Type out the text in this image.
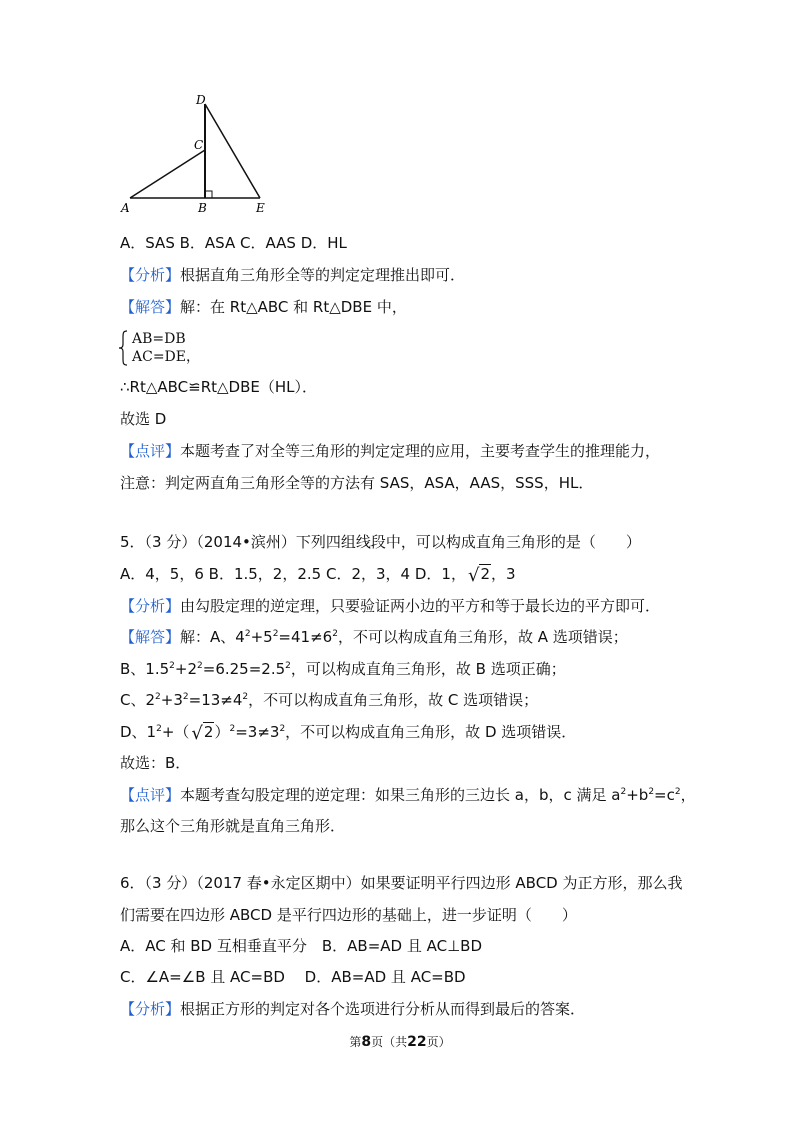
D
C
A	B	E
A．SAS B．ASA C．AAS D．HL
【分析】根据直角三角形全等的判定定理推出即可．
【解答】解：在 Rt△ABC 和 Rt△DBE 中，
AB=DB
AC=DE，
∴Rt△ABC≌Rt△DBE（HL）．
故选 D
【点评】本题考查了对全等三角形的判定定理的应用，主要考查学生的推理能力，
注意：判定两直角三角形全等的方法有 SAS，ASA，AAS，SSS，HL．
5．（3 分）（2014•滨州）下列四组线段中，可以构成直角三角形的是（　　）
A．4，5，6 B．1.5，2，2.5 C．2，3，4 D．1， √2，3
【分析】由勾股定理的逆定理，只要验证两小边的平方和等于最长边的平方即可．
【解答】解：A、$4^2+5^2=41\ne 6^2$，不可以构成直角三角形，故 A 选项错误；
B、$1.5^2+2^2=6.25=2.5^2$，可以构成直角三角形，故 B 选项正确；
C、$2^2+3^2=13\ne 4^2$，不可以构成直角三角形，故 C 选项错误；
D、$1^2+$（ $√2)^2=3\ne 3^2$，不可以构成直角三角形，故 D 选项错误．
故选：B．
【点评】本题考查勾股定理的逆定理：如果三角形的三边长 a，b，c 满足 $a^2+b^2=c^2$，
那么这个三角形就是直角三角形．
6．（3 分）（2017 春•永定区期中）如果要证明平行四边形 ABCD 为正方形，那么我
们需要在四边形 ABCD 是平行四边形的基础上，进一步证明（　　）
A．AC 和 BD 互相垂直平分　B．AB=AD 且 AC⊥BD
C．∠A=∠B 且 AC=BD　 D．AB=AD 且 AC=BD
【分析】根据正方形的判定对各个选项进行分析从而得到最后的答案．
第8页（共22页）
